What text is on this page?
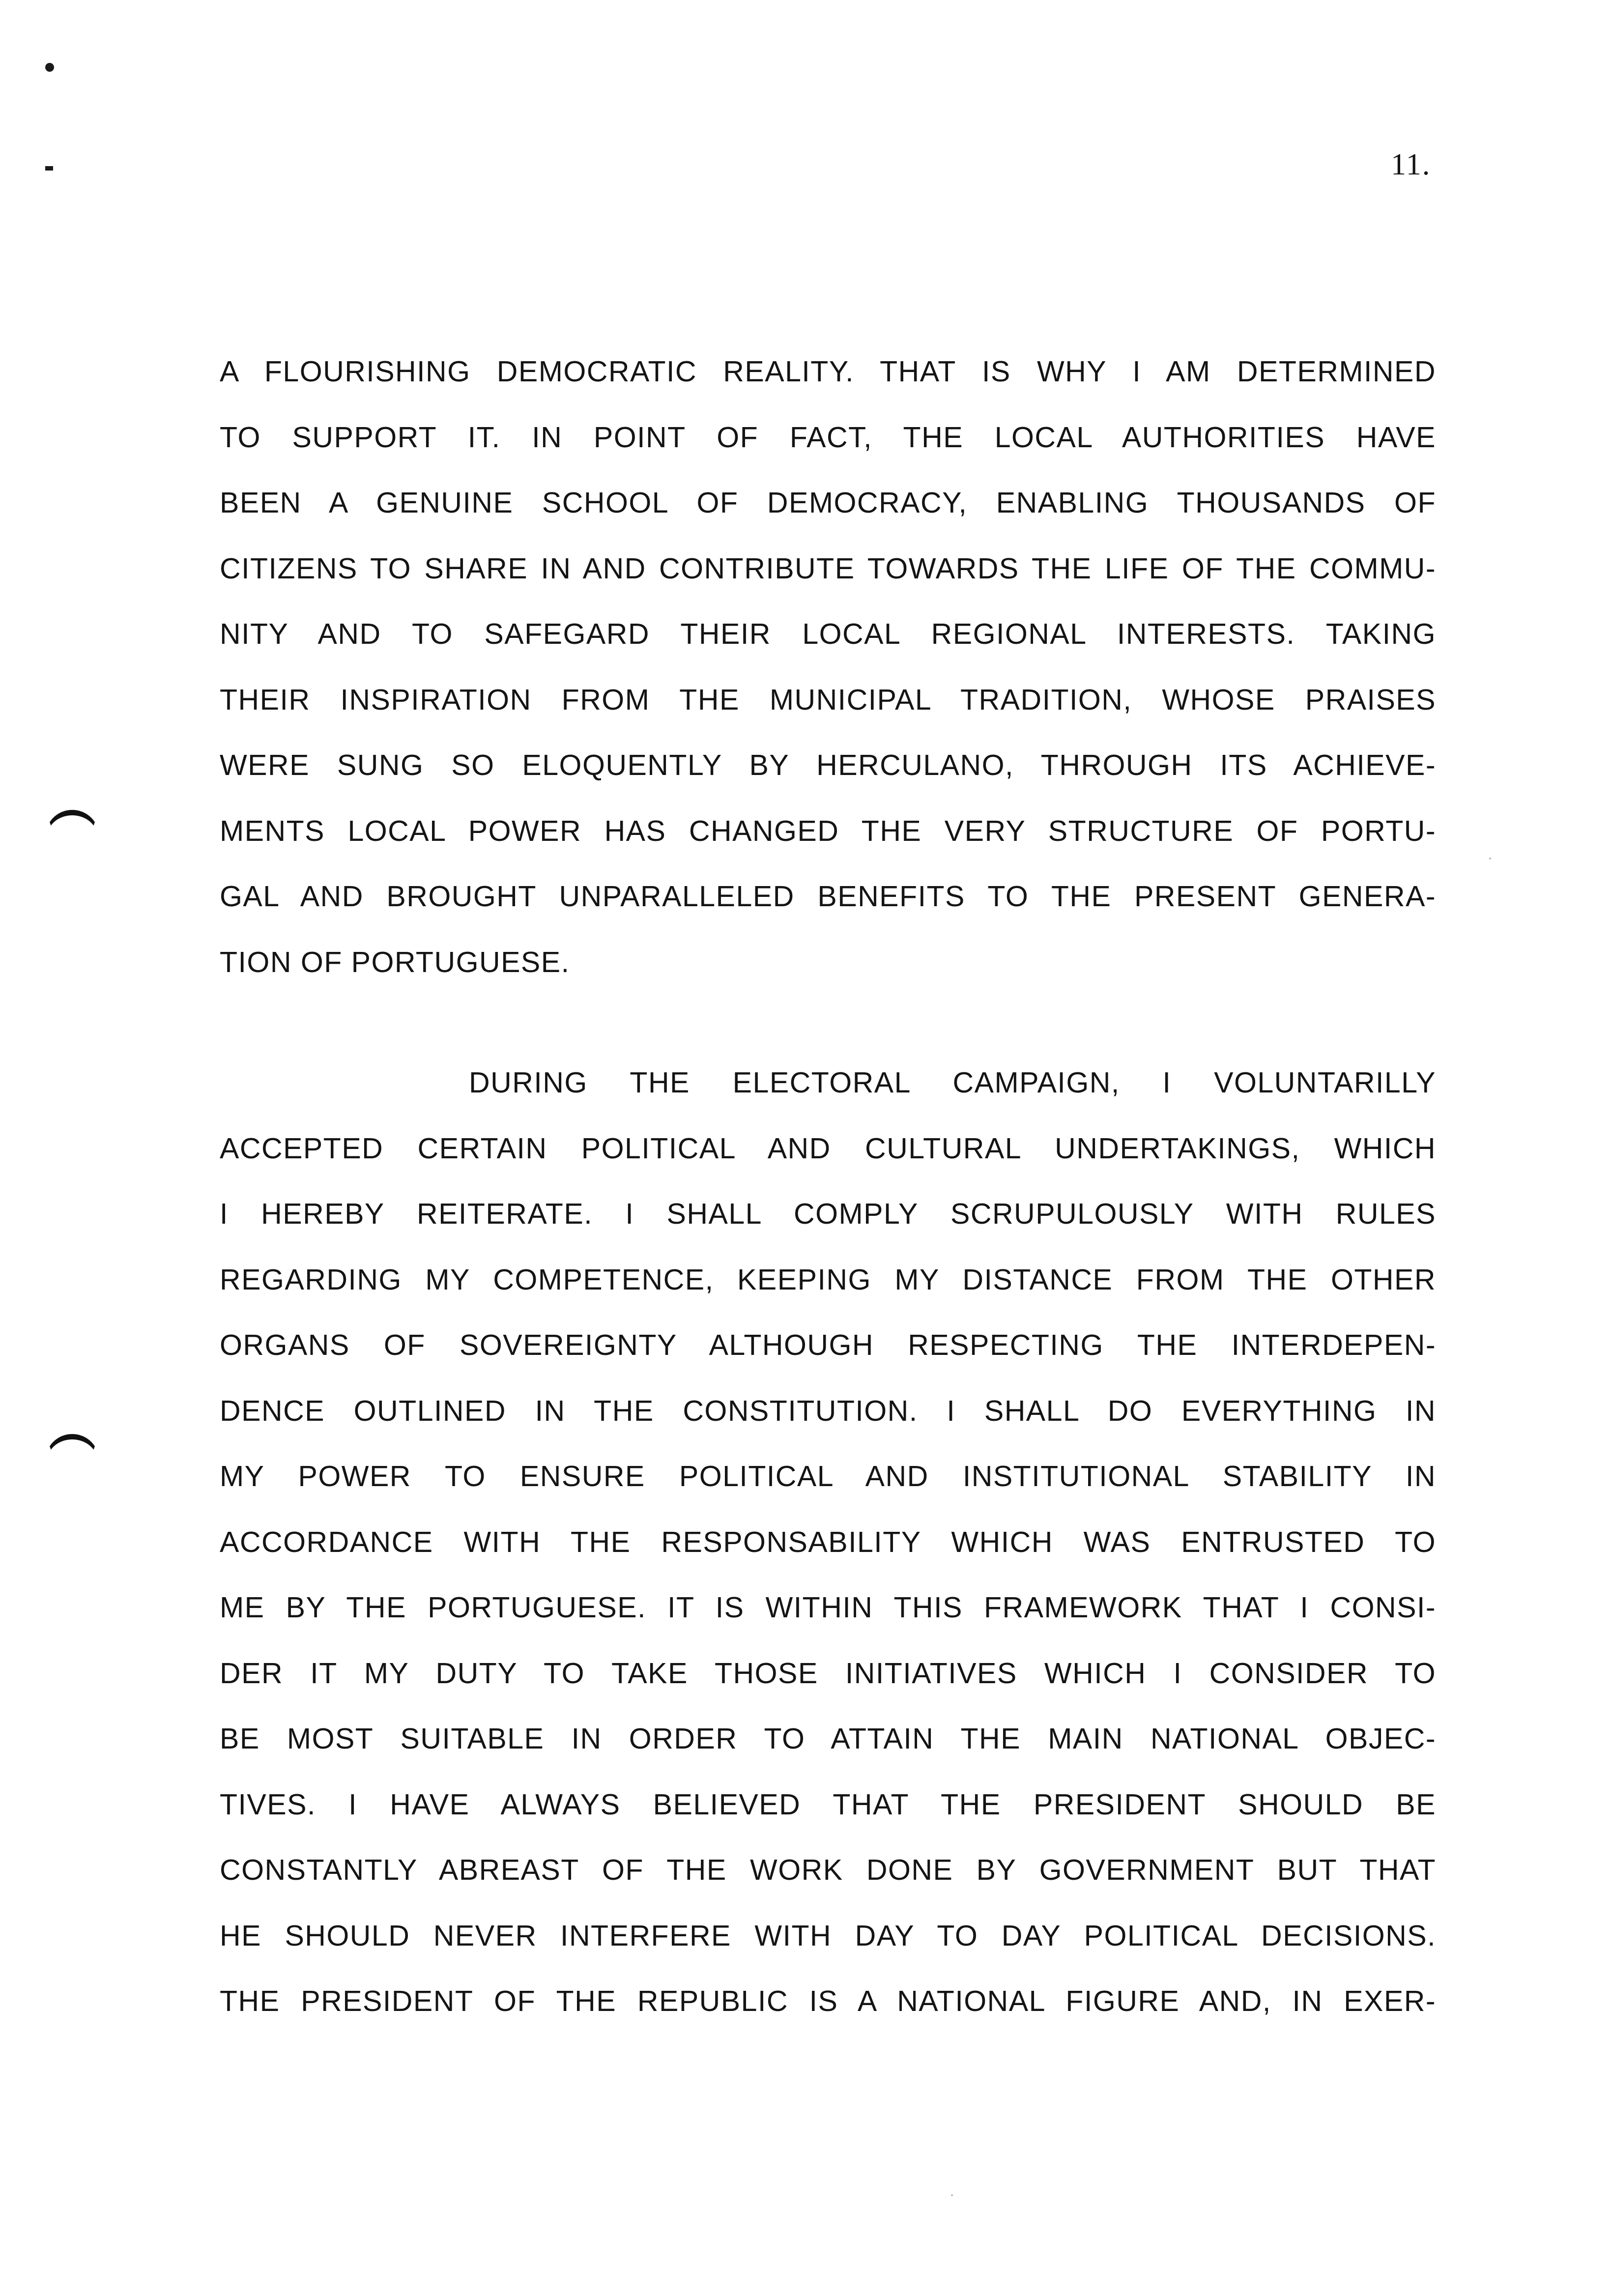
11.
A FLOURISHING DEMOCRATIC REALITY. THAT IS WHY I AM DETERMINED
TO SUPPORT IT. IN POINT OF FACT, THE LOCAL AUTHORITIES HAVE
BEEN A GENUINE SCHOOL OF DEMOCRACY, ENABLING THOUSANDS OF
CITIZENS TO SHARE IN AND CONTRIBUTE TOWARDS THE LIFE OF THE COMMU-
NITY AND TO SAFEGARD THEIR LOCAL REGIONAL INTERESTS. TAKING
THEIR INSPIRATION FROM THE MUNICIPAL TRADITION, WHOSE PRAISES
WERE SUNG SO ELOQUENTLY BY HERCULANO, THROUGH ITS ACHIEVE-
MENTS LOCAL POWER HAS CHANGED THE VERY STRUCTURE OF PORTU-
GAL AND BROUGHT UNPARALLELED BENEFITS TO THE PRESENT GENERA-
TION OF PORTUGUESE.
DURING THE ELECTORAL CAMPAIGN, I VOLUNTARILLY
ACCEPTED CERTAIN POLITICAL AND CULTURAL UNDERTAKINGS, WHICH
I HEREBY REITERATE. I SHALL COMPLY SCRUPULOUSLY WITH RULES
REGARDING MY COMPETENCE, KEEPING MY DISTANCE FROM THE OTHER
ORGANS OF SOVEREIGNTY ALTHOUGH RESPECTING THE INTERDEPEN-
DENCE OUTLINED IN THE CONSTITUTION. I SHALL DO EVERYTHING IN
MY POWER TO ENSURE POLITICAL AND INSTITUTIONAL STABILITY IN
ACCORDANCE WITH THE RESPONSABILITY WHICH WAS ENTRUSTED TO
ME BY THE PORTUGUESE. IT IS WITHIN THIS FRAMEWORK THAT I CONSI-
DER IT MY DUTY TO TAKE THOSE INITIATIVES WHICH I CONSIDER TO
BE MOST SUITABLE IN ORDER TO ATTAIN THE MAIN NATIONAL OBJEC-
TIVES. I HAVE ALWAYS BELIEVED THAT THE PRESIDENT SHOULD BE
CONSTANTLY ABREAST OF THE WORK DONE BY GOVERNMENT BUT THAT
HE SHOULD NEVER INTERFERE WITH DAY TO DAY POLITICAL DECISIONS.
THE PRESIDENT OF THE REPUBLIC IS A NATIONAL FIGURE AND, IN EXER-
